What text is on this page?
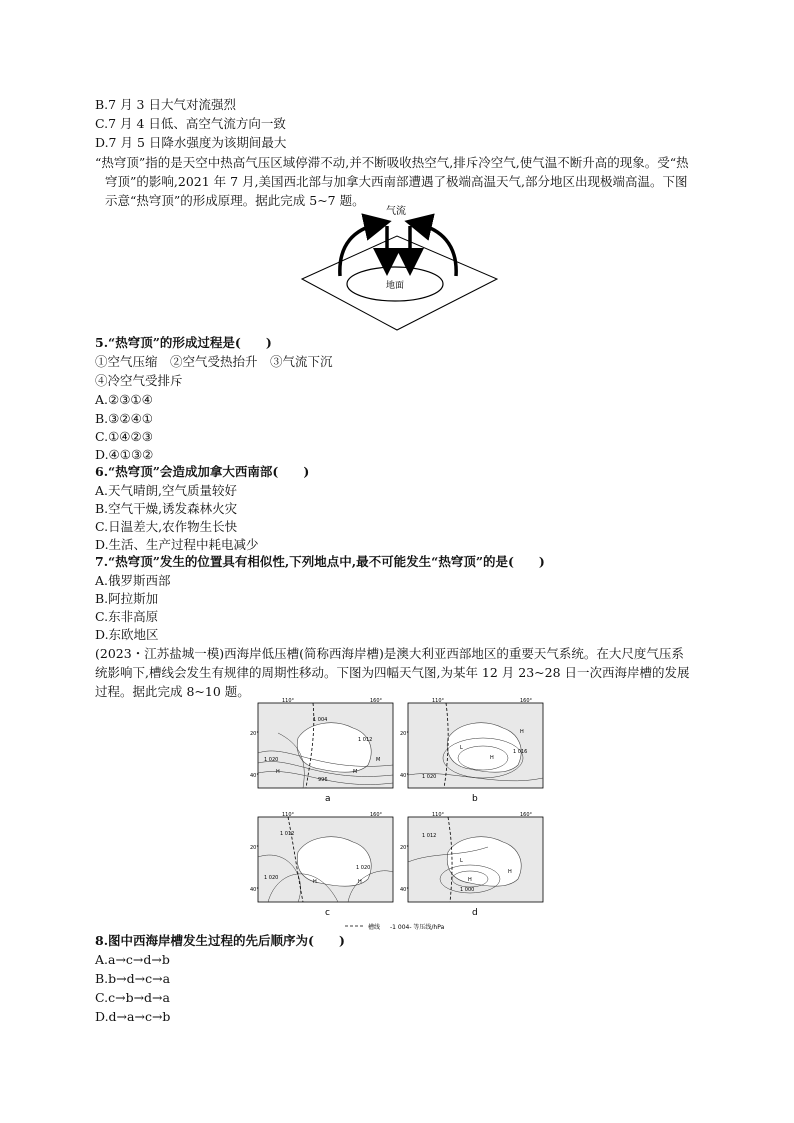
B.7 月 3 日大气对流强烈
C.7 月 4 日低、高空气流方向一致
D.7 月 5 日降水强度为该期间最大
“热穹顶”指的是天空中热高气压区域停滞不动,并不断吸收热空气,排斥冷空气,使气温不断升高的现象。受“热穹顶”的影响,2021 年 7 月,美国西北部与加拿大西南部遭遇了极端高温天气,部分地区出现极端高温。下图示意“热穹顶”的形成原理。据此完成 5~7 题。
气流
地面
5.“热穹顶”的形成过程是(　　)
①空气压缩　②空气受热抬升　③气流下沉
④冷空气受排斥
A.②③①④
B.③②④①
C.①④②③
D.④①③②
6.“热穹顶”会造成加拿大西南部(　　)
A.天气晴朗,空气质量较好
B.空气干燥,诱发森林火灾
C.日温差大,农作物生长快
D.生活、生产过程中耗电减少
7.“热穹顶”发生的位置具有相似性,下列地点中,最不可能发生“热穹顶”的是(　　)
A.俄罗斯西部
B.阿拉斯加
C.东非高原
D.东欧地区
(2023・江苏盐城一模)西海岸低压槽(简称西海岸槽)是澳大利亚西部地区的重要天气系统。在大尺度气压系统影响下,槽线会发生有规律的周期性移动。下图为四幅天气图,为某年 12 月 23~28 日一次西海岸槽的发展过程。据此完成 8~10 题。
1 004
1 012
1 020
996
M
M
H
110°	160°
20°
40°
a
1 016
1 020
L
H
H
110°	160°
20°
40°
b
1 012
1 020
1 020
H	H
110°	160°
20°
40°
c
1 012
1 000
H
H
L
110°	160°
20°
40°
d
槽线 -1 004- 等压线/hPa
8.图中西海岸槽发生过程的先后顺序为(　　)
A.a→c→d→b
B.b→d→c→a
C.c→b→d→a
D.d→a→c→b
